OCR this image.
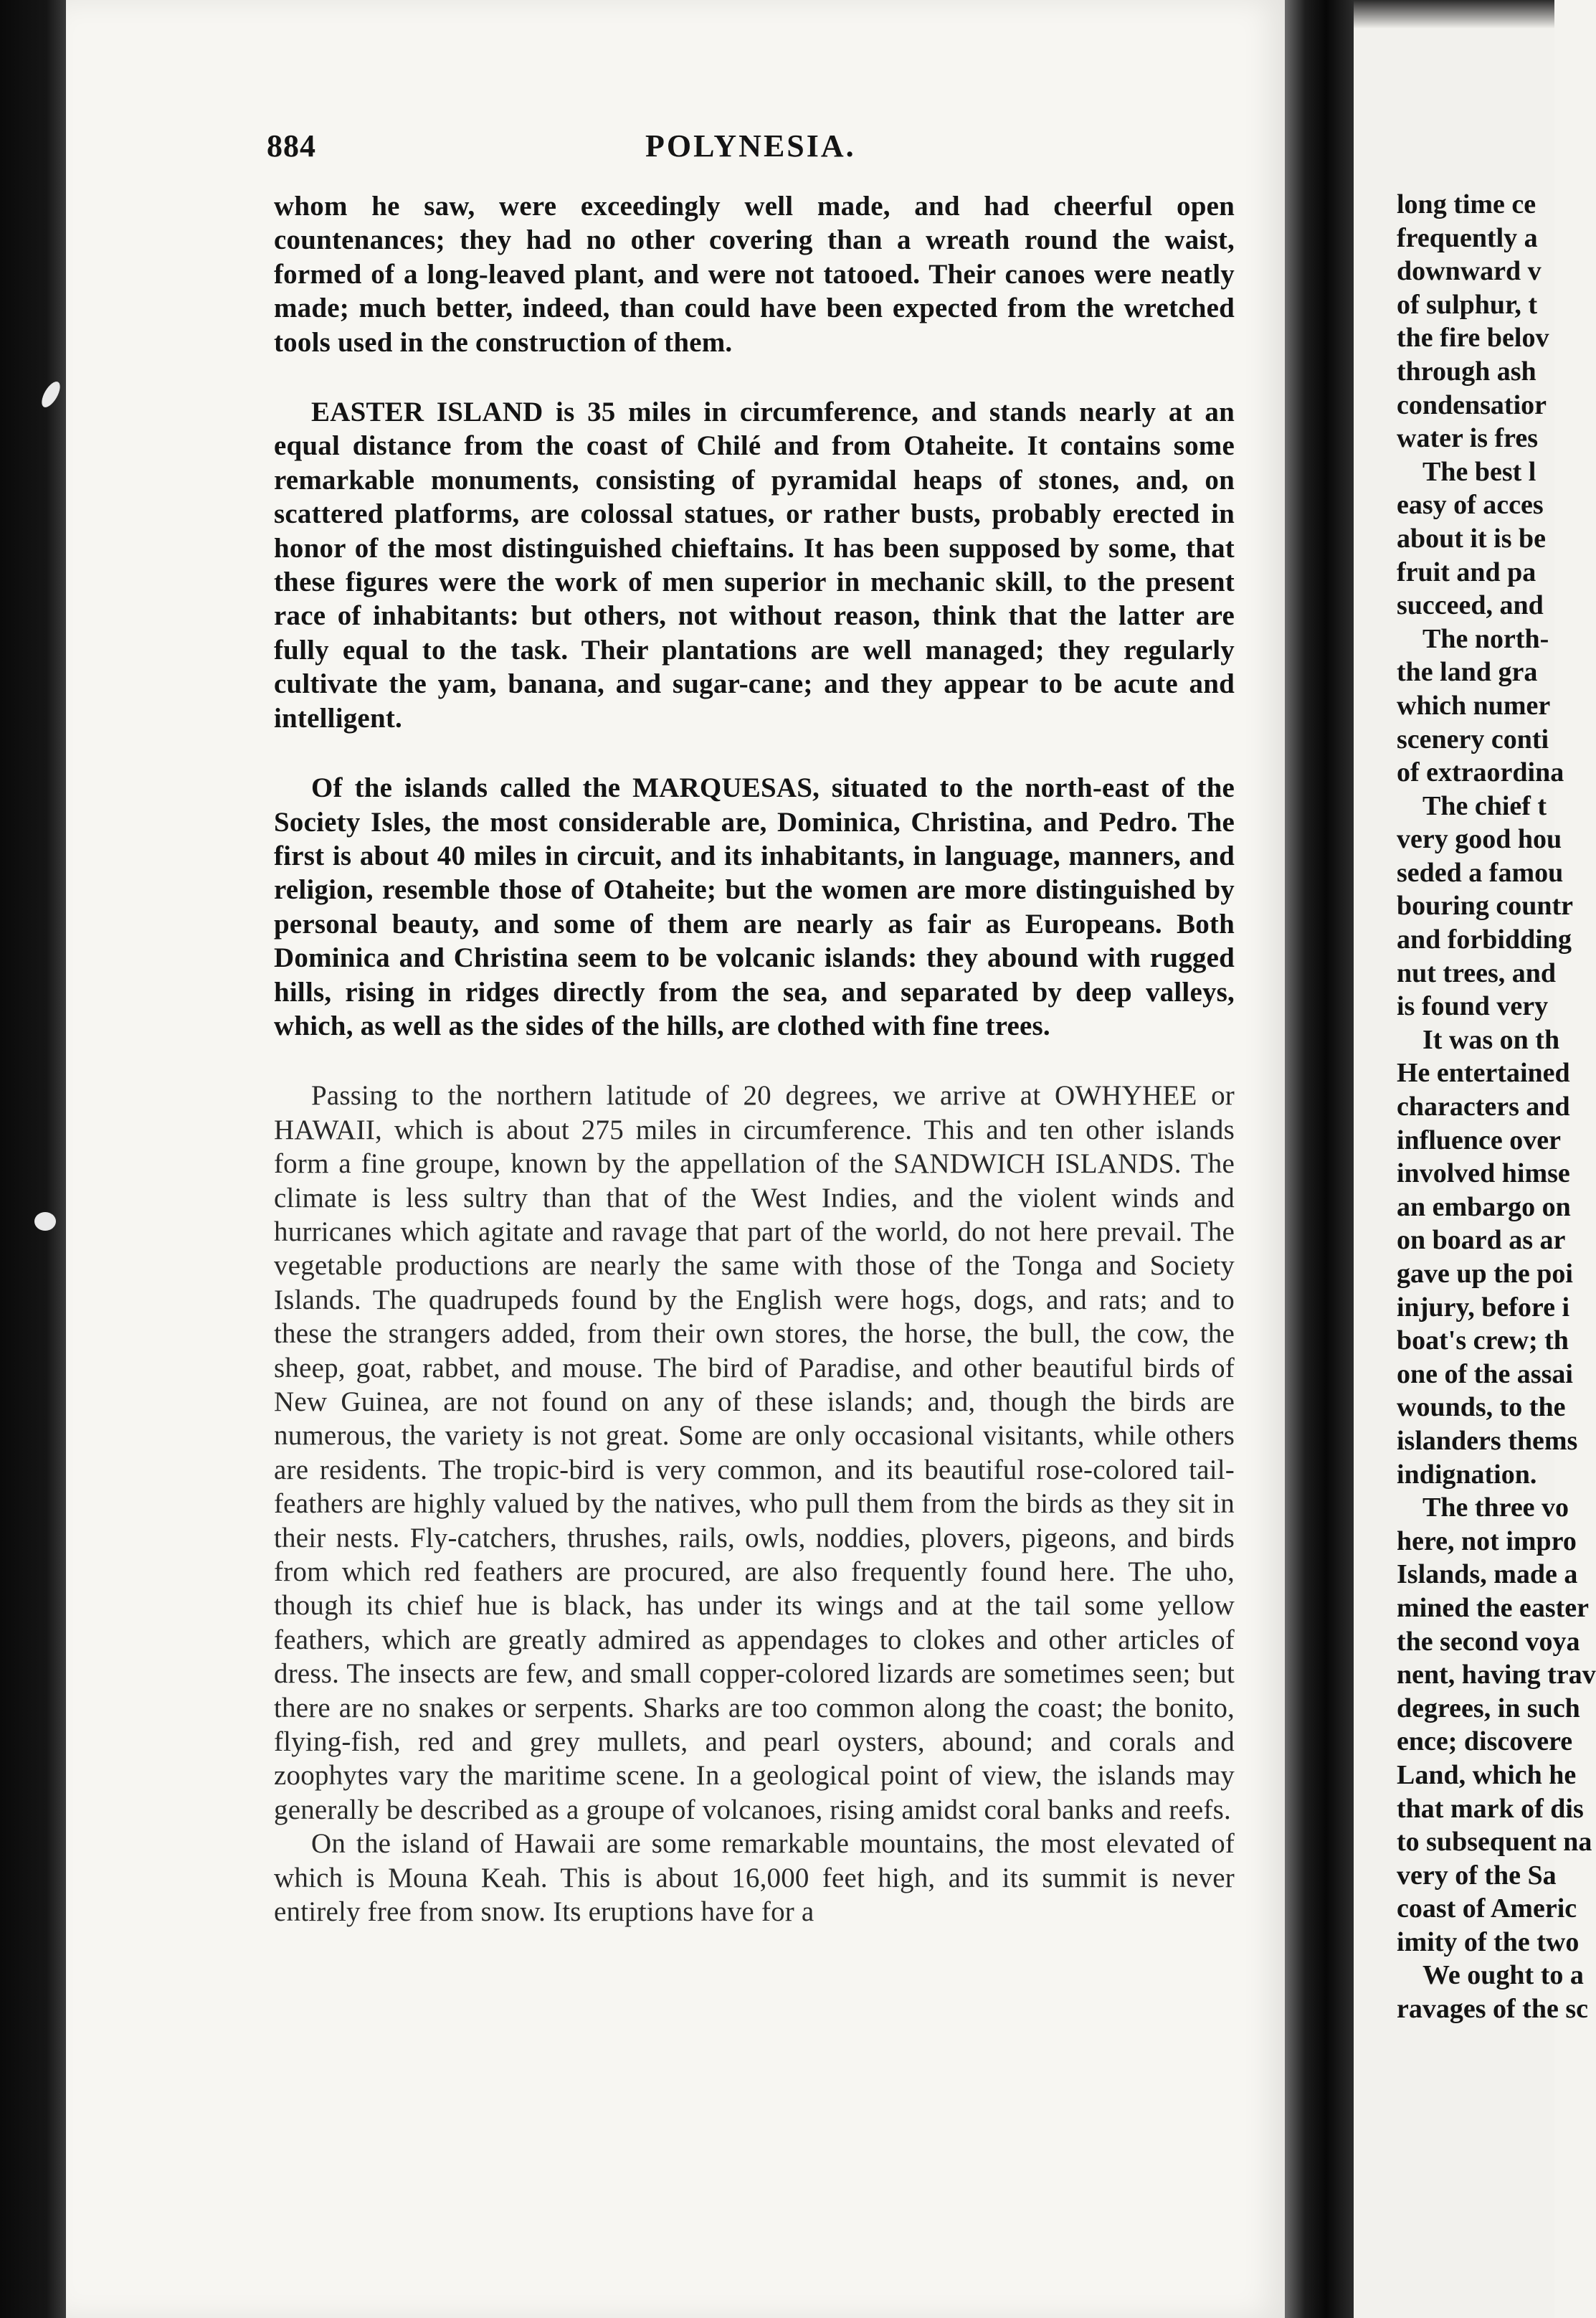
884	POLYNESIA.

whom he saw, were exceedingly well made, and had cheerful open countenances; they had no other covering than a wreath round the waist, formed of a long-leaved plant, and were not tatooed. Their canoes were neatly made; much better, indeed, than could have been expected from the wretched tools used in the construction of them.

EASTER ISLAND is 35 miles in circumference, and stands nearly at an equal distance from the coast of Chilé and from Otaheite. It contains some remarkable monuments, consisting of pyramidal heaps of stones, and, on scattered platforms, are colossal statues, or rather busts, probably erected in honor of the most distinguished chieftains. It has been supposed by some, that these figures were the work of men superior in mechanic skill, to the present race of inhabitants: but others, not without reason, think that the latter are fully equal to the task. Their plantations are well managed; they regularly cultivate the yam, banana, and sugar-cane; and they appear to be acute and intelligent.

Of the islands called the MARQUESAS, situated to the north-east of the Society Isles, the most considerable are, Dominica, Christina, and Pedro. The first is about 40 miles in circuit, and its inhabitants, in language, manners, and religion, resemble those of Otaheite; but the women are more distinguished by personal beauty, and some of them are nearly as fair as Europeans. Both Dominica and Christina seem to be volcanic islands: they abound with rugged hills, rising in ridges directly from the sea, and separated by deep valleys, which, as well as the sides of the hills, are clothed with fine trees.

Passing to the northern latitude of 20 degrees, we arrive at OWHYHEE or HAWAII, which is about 275 miles in circumference. This and ten other islands form a fine groupe, known by the appellation of the SANDWICH ISLANDS. The climate is less sultry than that of the West Indies, and the violent winds and hurricanes which agitate and ravage that part of the world, do not here prevail. The vegetable productions are nearly the same with those of the Tonga and Society Islands. The quadrupeds found by the English were hogs, dogs, and rats; and to these the strangers added, from their own stores, the horse, the bull, the cow, the sheep, goat, rabbet, and mouse. The bird of Paradise, and other beautiful birds of New Guinea, are not found on any of these islands; and, though the birds are numerous, the variety is not great. Some are only occasional visitants, while others are residents. The tropic-bird is very common, and its beautiful rose-colored tail-feathers are highly valued by the natives, who pull them from the birds as they sit in their nests. Fly-catchers, thrushes, rails, owls, noddies, plovers, pigeons, and birds from which red feathers are procured, are also frequently found here. The uho, though its chief hue is black, has under its wings and at the tail some yellow feathers, which are greatly admired as appendages to clokes and other articles of dress. The insects are few, and small copper-colored lizards are sometimes seen; but there are no snakes or serpents. Sharks are too common along the coast; the bonito, flying-fish, red and grey mullets, and pearl oysters, abound; and corals and zoophytes vary the maritime scene. In a geological point of view, the islands may generally be described as a groupe of volcanoes, rising amidst coral banks and reefs.

On the island of Hawaii are some remarkable mountains, the most elevated of which is Mouna Keah. This is about 16,000 feet high, and its summit is never entirely free from snow. Its eruptions have for a

long time ce
frequently a
downward v
of sulphur, t
the fire belov
through ash
condensatior
water is fres
The best l
easy of acces
about it is be
fruit and pa
succeed, and
The north-
the land gra
which numer
scenery conti
of extraordina
The chief t
very good hou
seded a famou
bouring countr
and forbidding
nut trees, and
is found very
It was on th
He entertained
characters and
influence over
involved himse
an embargo on
on board as ar
gave up the poi
injury, before i
boat's crew; th
one of the assai
wounds, to the
islanders thems
indignation.
The three vo
here, not impro
Islands, made a
mined the easter
the second voya
nent, having trav
degrees, in such
ence; discovere
Land, which he
that mark of dis
to subsequent na
very of the Sa
coast of Americ
imity of the two
We ought to a
ravages of the sc
